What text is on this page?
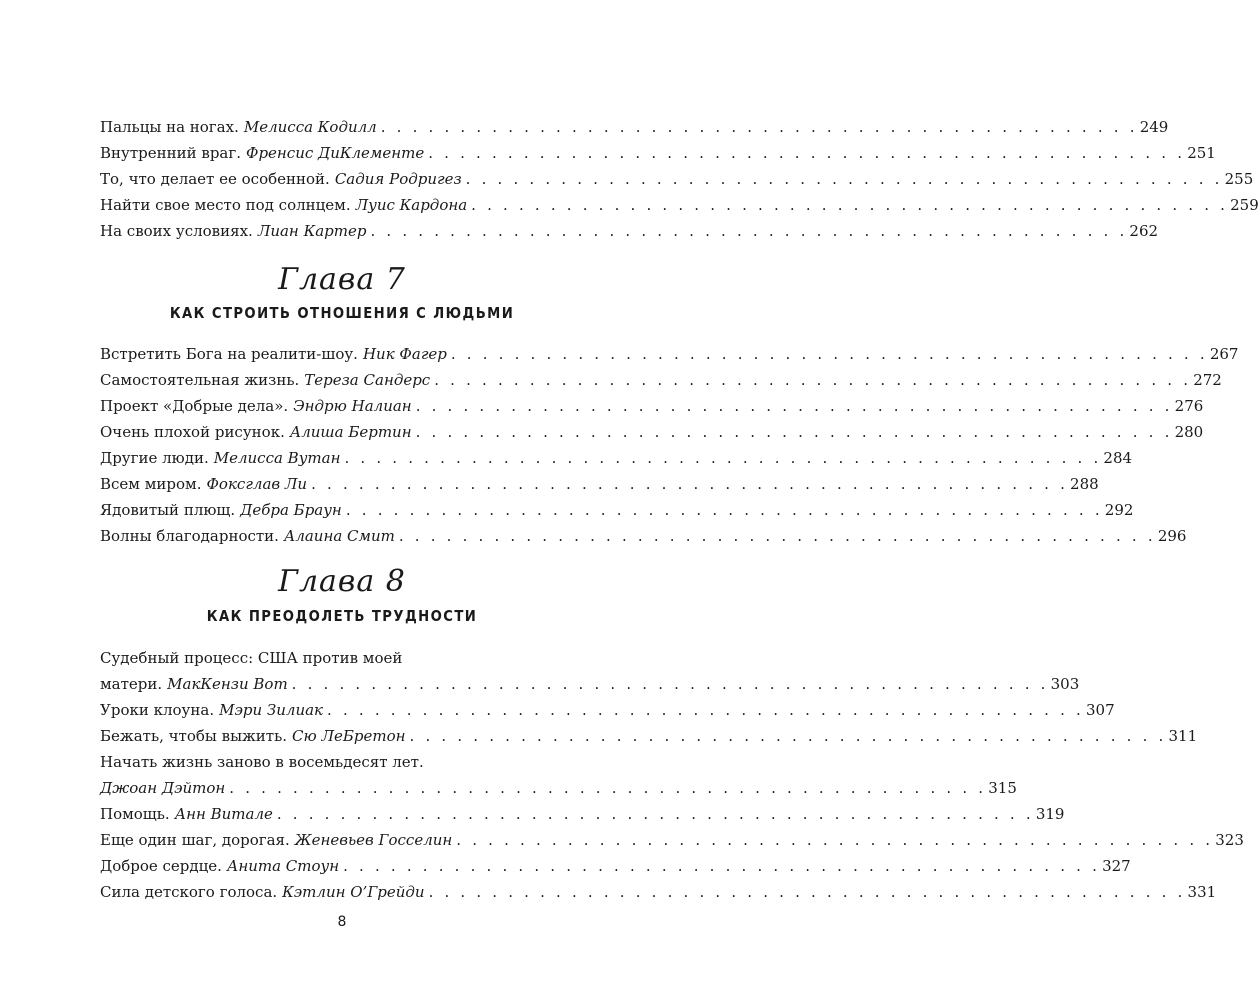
Пальцы на ногах. Мелисса Кодилл . . . . . . . . . . . . . . . . . . . . . . . . . . . . . . . . . . . . . . . . . . . . . . . . 249
Внутренний враг. Френсис ДиКлементе . . . . . . . . . . . . . . . . . . . . . . . . . . . . . . . . . . . . . . . . . . . . . . . . 251
То, что делает ее особенной. Садия Родригез . . . . . . . . . . . . . . . . . . . . . . . . . . . . . . . . . . . . . . . . . . . . . . . . 255
Найти свое место под солнцем. Луис Кардона . . . . . . . . . . . . . . . . . . . . . . . . . . . . . . . . . . . . . . . . . . . . . . . . 259
На своих условиях. Лиан Картер . . . . . . . . . . . . . . . . . . . . . . . . . . . . . . . . . . . . . . . . . . . . . . . . 262
Глава 7
КАК СТРОИТЬ ОТНОШЕНИЯ С ЛЮДЬМИ
Встретить Бога на реалити-шоу. Ник Фагер . . . . . . . . . . . . . . . . . . . . . . . . . . . . . . . . . . . . . . . . . . . . . . . . 267
Самостоятельная жизнь. Тереза Сандерс . . . . . . . . . . . . . . . . . . . . . . . . . . . . . . . . . . . . . . . . . . . . . . . . 272
Проект «Добрые дела». Эндрю Налиан . . . . . . . . . . . . . . . . . . . . . . . . . . . . . . . . . . . . . . . . . . . . . . . . 276
Очень плохой рисунок. Алиша Бертин . . . . . . . . . . . . . . . . . . . . . . . . . . . . . . . . . . . . . . . . . . . . . . . . 280
Другие люди. Мелисса Вутан . . . . . . . . . . . . . . . . . . . . . . . . . . . . . . . . . . . . . . . . . . . . . . . . 284
Всем миром. Фоксглав Ли . . . . . . . . . . . . . . . . . . . . . . . . . . . . . . . . . . . . . . . . . . . . . . . . 288
Ядовитый плющ. Дебра Браун . . . . . . . . . . . . . . . . . . . . . . . . . . . . . . . . . . . . . . . . . . . . . . . . 292
Волны благодарности. Алаина Смит . . . . . . . . . . . . . . . . . . . . . . . . . . . . . . . . . . . . . . . . . . . . . . . . 296
Глава 8
КАК ПРЕОДОЛЕТЬ ТРУДНОСТИ
Судебный процесс: США против моей
матери. МакКензи Вот . . . . . . . . . . . . . . . . . . . . . . . . . . . . . . . . . . . . . . . . . . . . . . . . 303
Уроки клоуна. Мэри Зилиак . . . . . . . . . . . . . . . . . . . . . . . . . . . . . . . . . . . . . . . . . . . . . . . . 307
Бежать, чтобы выжить. Сю ЛеБретон . . . . . . . . . . . . . . . . . . . . . . . . . . . . . . . . . . . . . . . . . . . . . . . . 311
Начать жизнь заново в восемьдесят лет.
Джоан Дэйтон . . . . . . . . . . . . . . . . . . . . . . . . . . . . . . . . . . . . . . . . . . . . . . . . 315
Помощь. Анн Витале . . . . . . . . . . . . . . . . . . . . . . . . . . . . . . . . . . . . . . . . . . . . . . . . 319
Еще один шаг, дорогая. Женевьев Госселин . . . . . . . . . . . . . . . . . . . . . . . . . . . . . . . . . . . . . . . . . . . . . . . . 323
Доброе сердце. Анита Стоун . . . . . . . . . . . . . . . . . . . . . . . . . . . . . . . . . . . . . . . . . . . . . . . . 327
Сила детского голоса. Кэтлин О’Грейди . . . . . . . . . . . . . . . . . . . . . . . . . . . . . . . . . . . . . . . . . . . . . . . . 331
8
